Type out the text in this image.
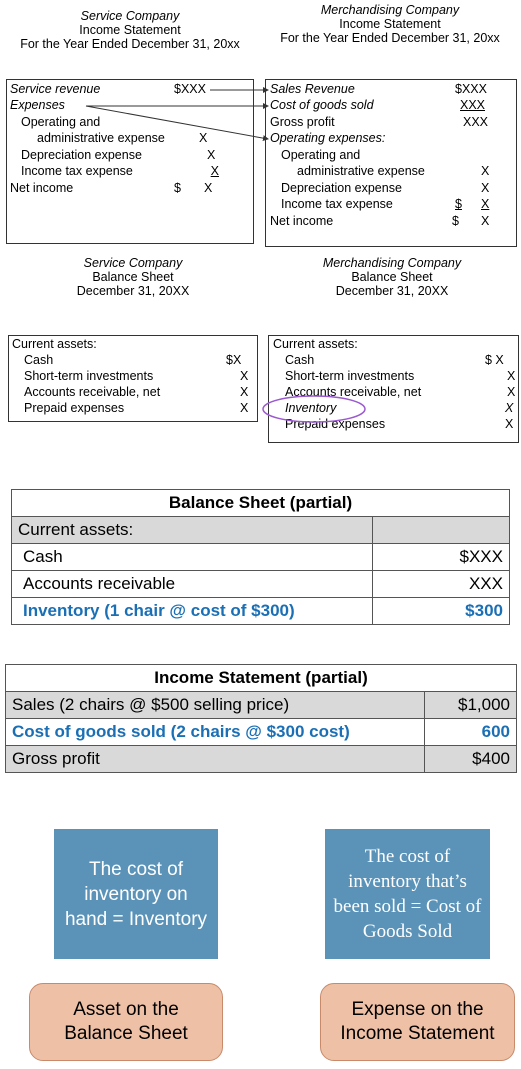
Service Company
Income Statement
For the Year Ended December 31, 20xx
Merchandising Company
Income Statement
For the Year Ended December 31, 20xx
Service revenue	$XXX
Expenses
Operating and
administrative expense	X
Depreciation expense	X
Income tax expense	X
Net income	$ X
Sales Revenue	$XXX
Cost of goods sold	XXX
Gross profit	XXX
Operating expenses:
Operating and
administrative expense	X
Depreciation expense	X
Income tax expense	$ X
Net income	$ X
Service Company
Balance Sheet
December 31, 20XX
Merchandising Company
Balance Sheet
December 31, 20XX
Current assets:
Cash	$X
Short-term investments	X
Accounts receivable, net	X
Prepaid expenses	X
Current assets:
Cash	$ X
Short-term investments	X
Accounts receivable, net	X
Inventory	X
Prepaid expenses	X
Balance Sheet (partial)	
Current assets:	
Cash	$XXX
Accounts receivable	XXX
Inventory (1 chair @ cost of $300)	$300
Income Statement (partial)	
Sales (2 chairs @ $500 selling price)	$1,000
Cost of goods sold (2 chairs @ $300 cost)	600
Gross profit	$400
The cost of inventory on hand = Inventory
The cost of inventory that’s been sold = Cost of Goods Sold
Asset on the Balance Sheet
Expense on the Income Statement
